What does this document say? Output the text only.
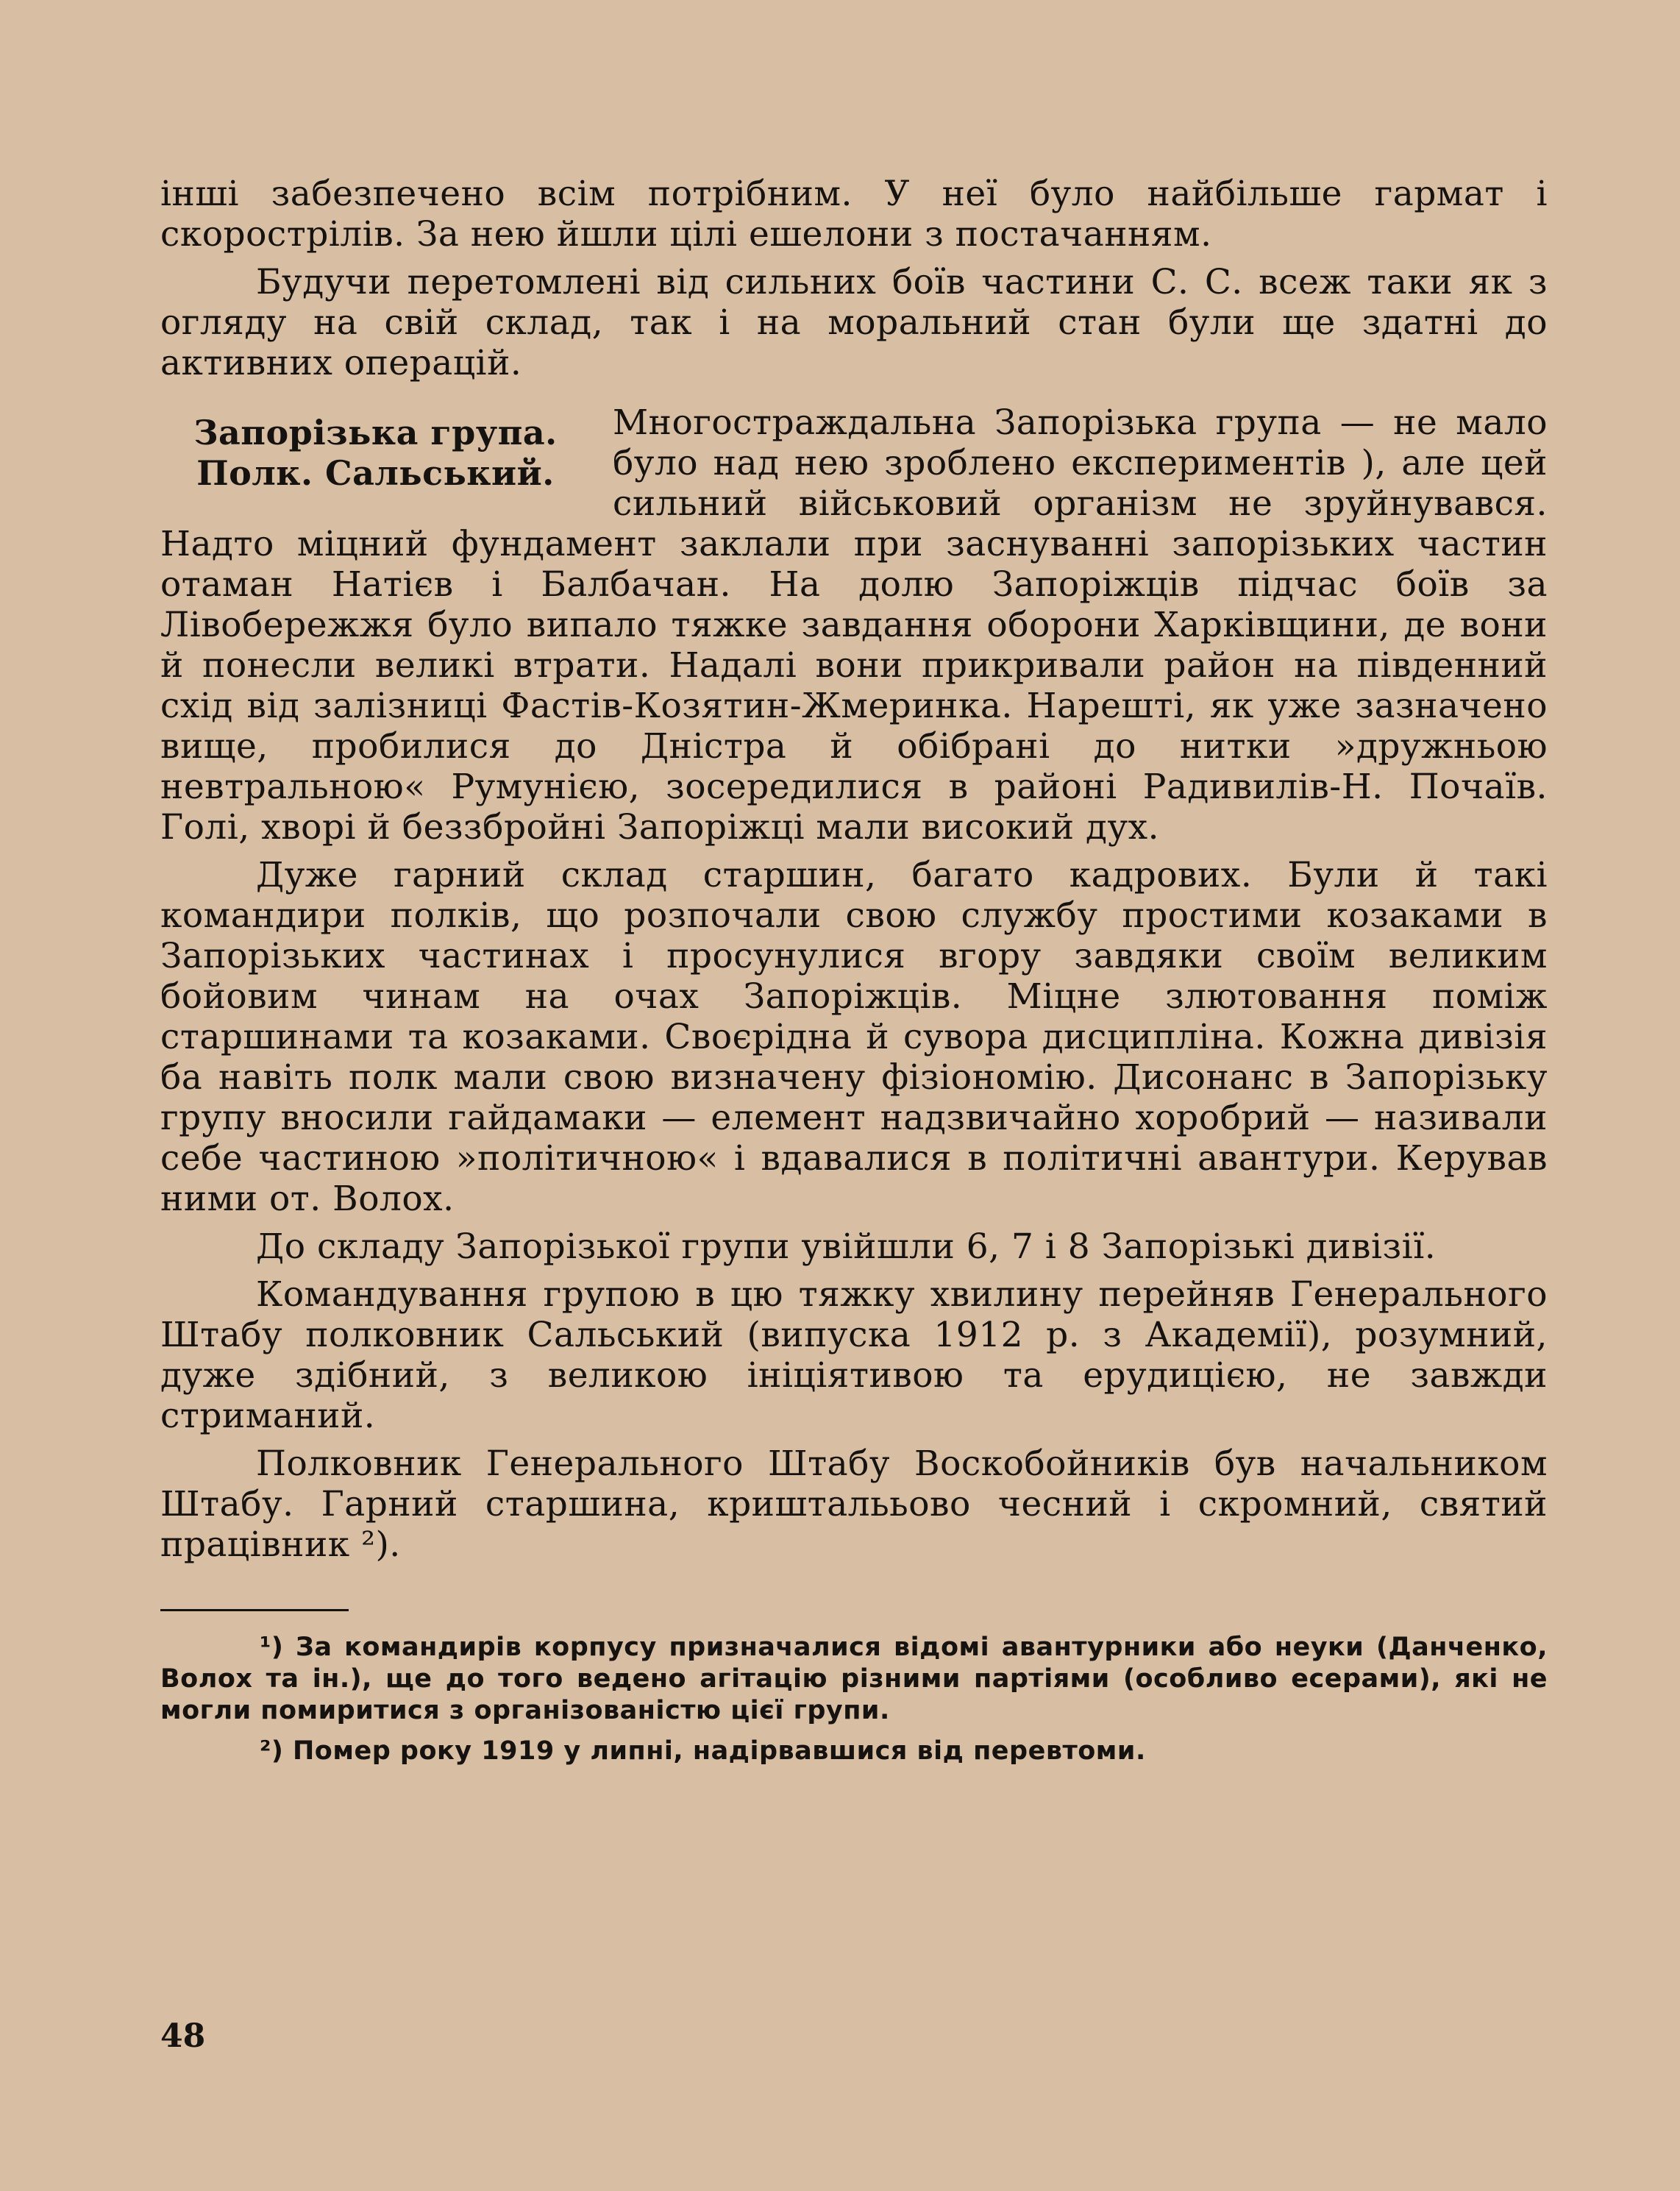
інші забезпечено всім потрібним. У неї було найбільше гармат і скорострілів. За нею йшли цілі ешелони з постачанням.

Будучи перетомлені від сильних боїв частини С. С. всеж таки як з огляду на свій склад, так і на моральний стан були ще здатні до активних операцій.

Запорізька група.
Полк. Сальський.

Многостраждальна Запорізька група — не мало було над нею зроблено експериментів ), але цей сильний військовий організм не зруйнувався. Надто міцний фундамент заклали при заснуванні запорізьких частин отаман Натієв і Балбачан. На долю Запоріжців підчас боїв за Лівобережжя було випало тяжке завдання оборони Харківщини, де вони й понесли великі втрати. Надалі вони прикривали район на південний схід від залізниці Фастів-Козятин-Жмеринка. Нарешті, як уже зазначено вище, пробилися до Дністра й обібрані до нитки »дружньою невтральною« Румунією, зосередилися в районі Радивилів-Н. Почаїв. Голі, хворі й беззбройні Запоріжці мали високий дух.

Дуже гарний склад старшин, багато кадрових. Були й такі командири полків, що розпочали свою службу простими козаками в Запорізьких частинах і просунулися вгору завдяки своїм великим бойовим чинам на очах Запоріжців. Міцне злютовання поміж старшинами та козаками. Своєрідна й сувора дисципліна. Кожна дивізія ба навіть полк мали свою визначену фізіономію. Дисонанс в Запорізьку групу вносили гайдамаки — елемент надзвичайно хоробрий — називали себе частиною »політичною« і вдавалися в політичні авантури. Керував ними от. Волох.

До складу Запорізької групи увійшли 6, 7 і 8 Запорізькі дивізії.

Командування групою в цю тяжку хвилину перейняв Генерального Штабу полковник Сальський (випуска 1912 р. з Академії), розумний, дуже здібний, з великою ініціятивою та ерудицією, не завжди стриманий.

Полковник Генерального Штабу Воскобойників був начальником Штабу. Гарний старшина, кришталььово чесний і скромний, святий працівник ²).

¹) За командирів корпусу призначалися відомі авантурники або неуки (Данченко, Волох та ін.), ще до того ведено агітацію різними партіями (особливо есерами), які не могли помиритися з організованістю цієї групи.

²) Помер року 1919 у липні, надірвавшися від перевтоми.

48
